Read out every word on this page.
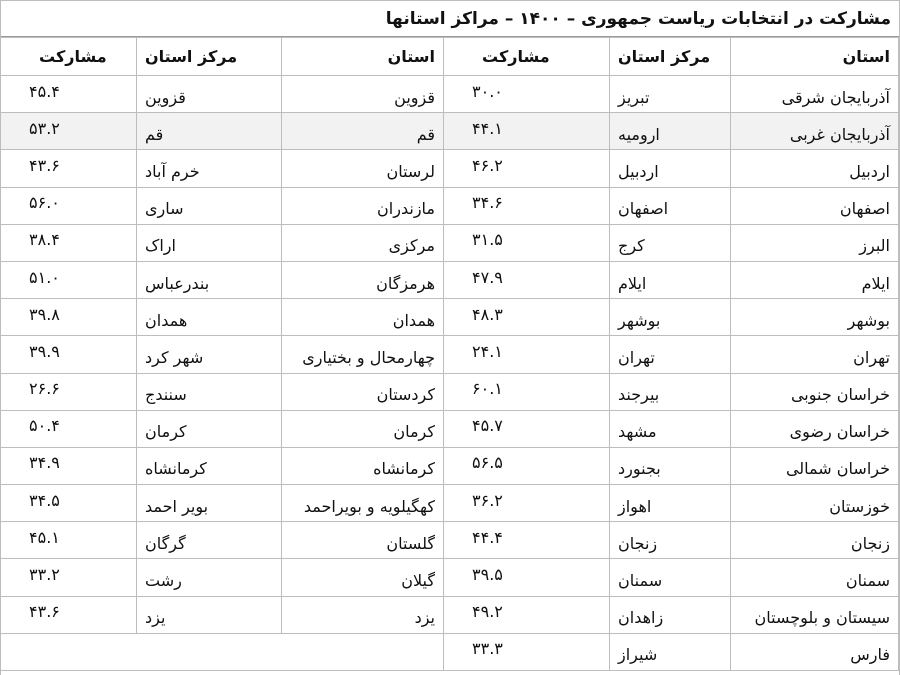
مشارکت در انتخابات ریاست جمهوری – ۱۴۰۰ – مراکز استانها
استان	مرکز استان	مشارکت	استان	مرکز استان	مشارکت
آذربایجان شرقی	تبریز	۳۰.۰	قزوین	قزوین	۴۵.۴
آذربایجان غربی	ارومیه	۴۴.۱	قم	قم	۵۳.۲
اردبیل	اردبیل	۴۶.۲	لرستان	خرم آباد	۴۳.۶
اصفهان	اصفهان	۳۴.۶	مازندران	ساری	۵۶.۰
البرز	کرج	۳۱.۵	مرکزی	اراک	۳۸.۴
ایلام	ایلام	۴۷.۹	هرمزگان	بندرعباس	۵۱.۰
بوشهر	بوشهر	۴۸.۳	همدان	همدان	۳۹.۸
تهران	تهران	۲۴.۱	چهارمحال و بختیاری	شهر کرد	۳۹.۹
خراسان جنوبی	بیرجند	۶۰.۱	کردستان	سنندج	۲۶.۶
خراسان رضوی	مشهد	۴۵.۷	کرمان	کرمان	۵۰.۴
خراسان شمالی	بجنورد	۵۶.۵	کرمانشاه	کرمانشاه	۳۴.۹
خوزستان	اهواز	۳۶.۲	کهگیلویه و بویراحمد	بویر احمد	۳۴.۵
زنجان	زنجان	۴۴.۴	گلستان	گرگان	۴۵.۱
سمنان	سمنان	۳۹.۵	گیلان	رشت	۳۳.۲
سیستان و بلوچستان	زاهدان	۴۹.۲	یزد	یزد	۴۳.۶
فارس	شیراز	۳۳.۳			
